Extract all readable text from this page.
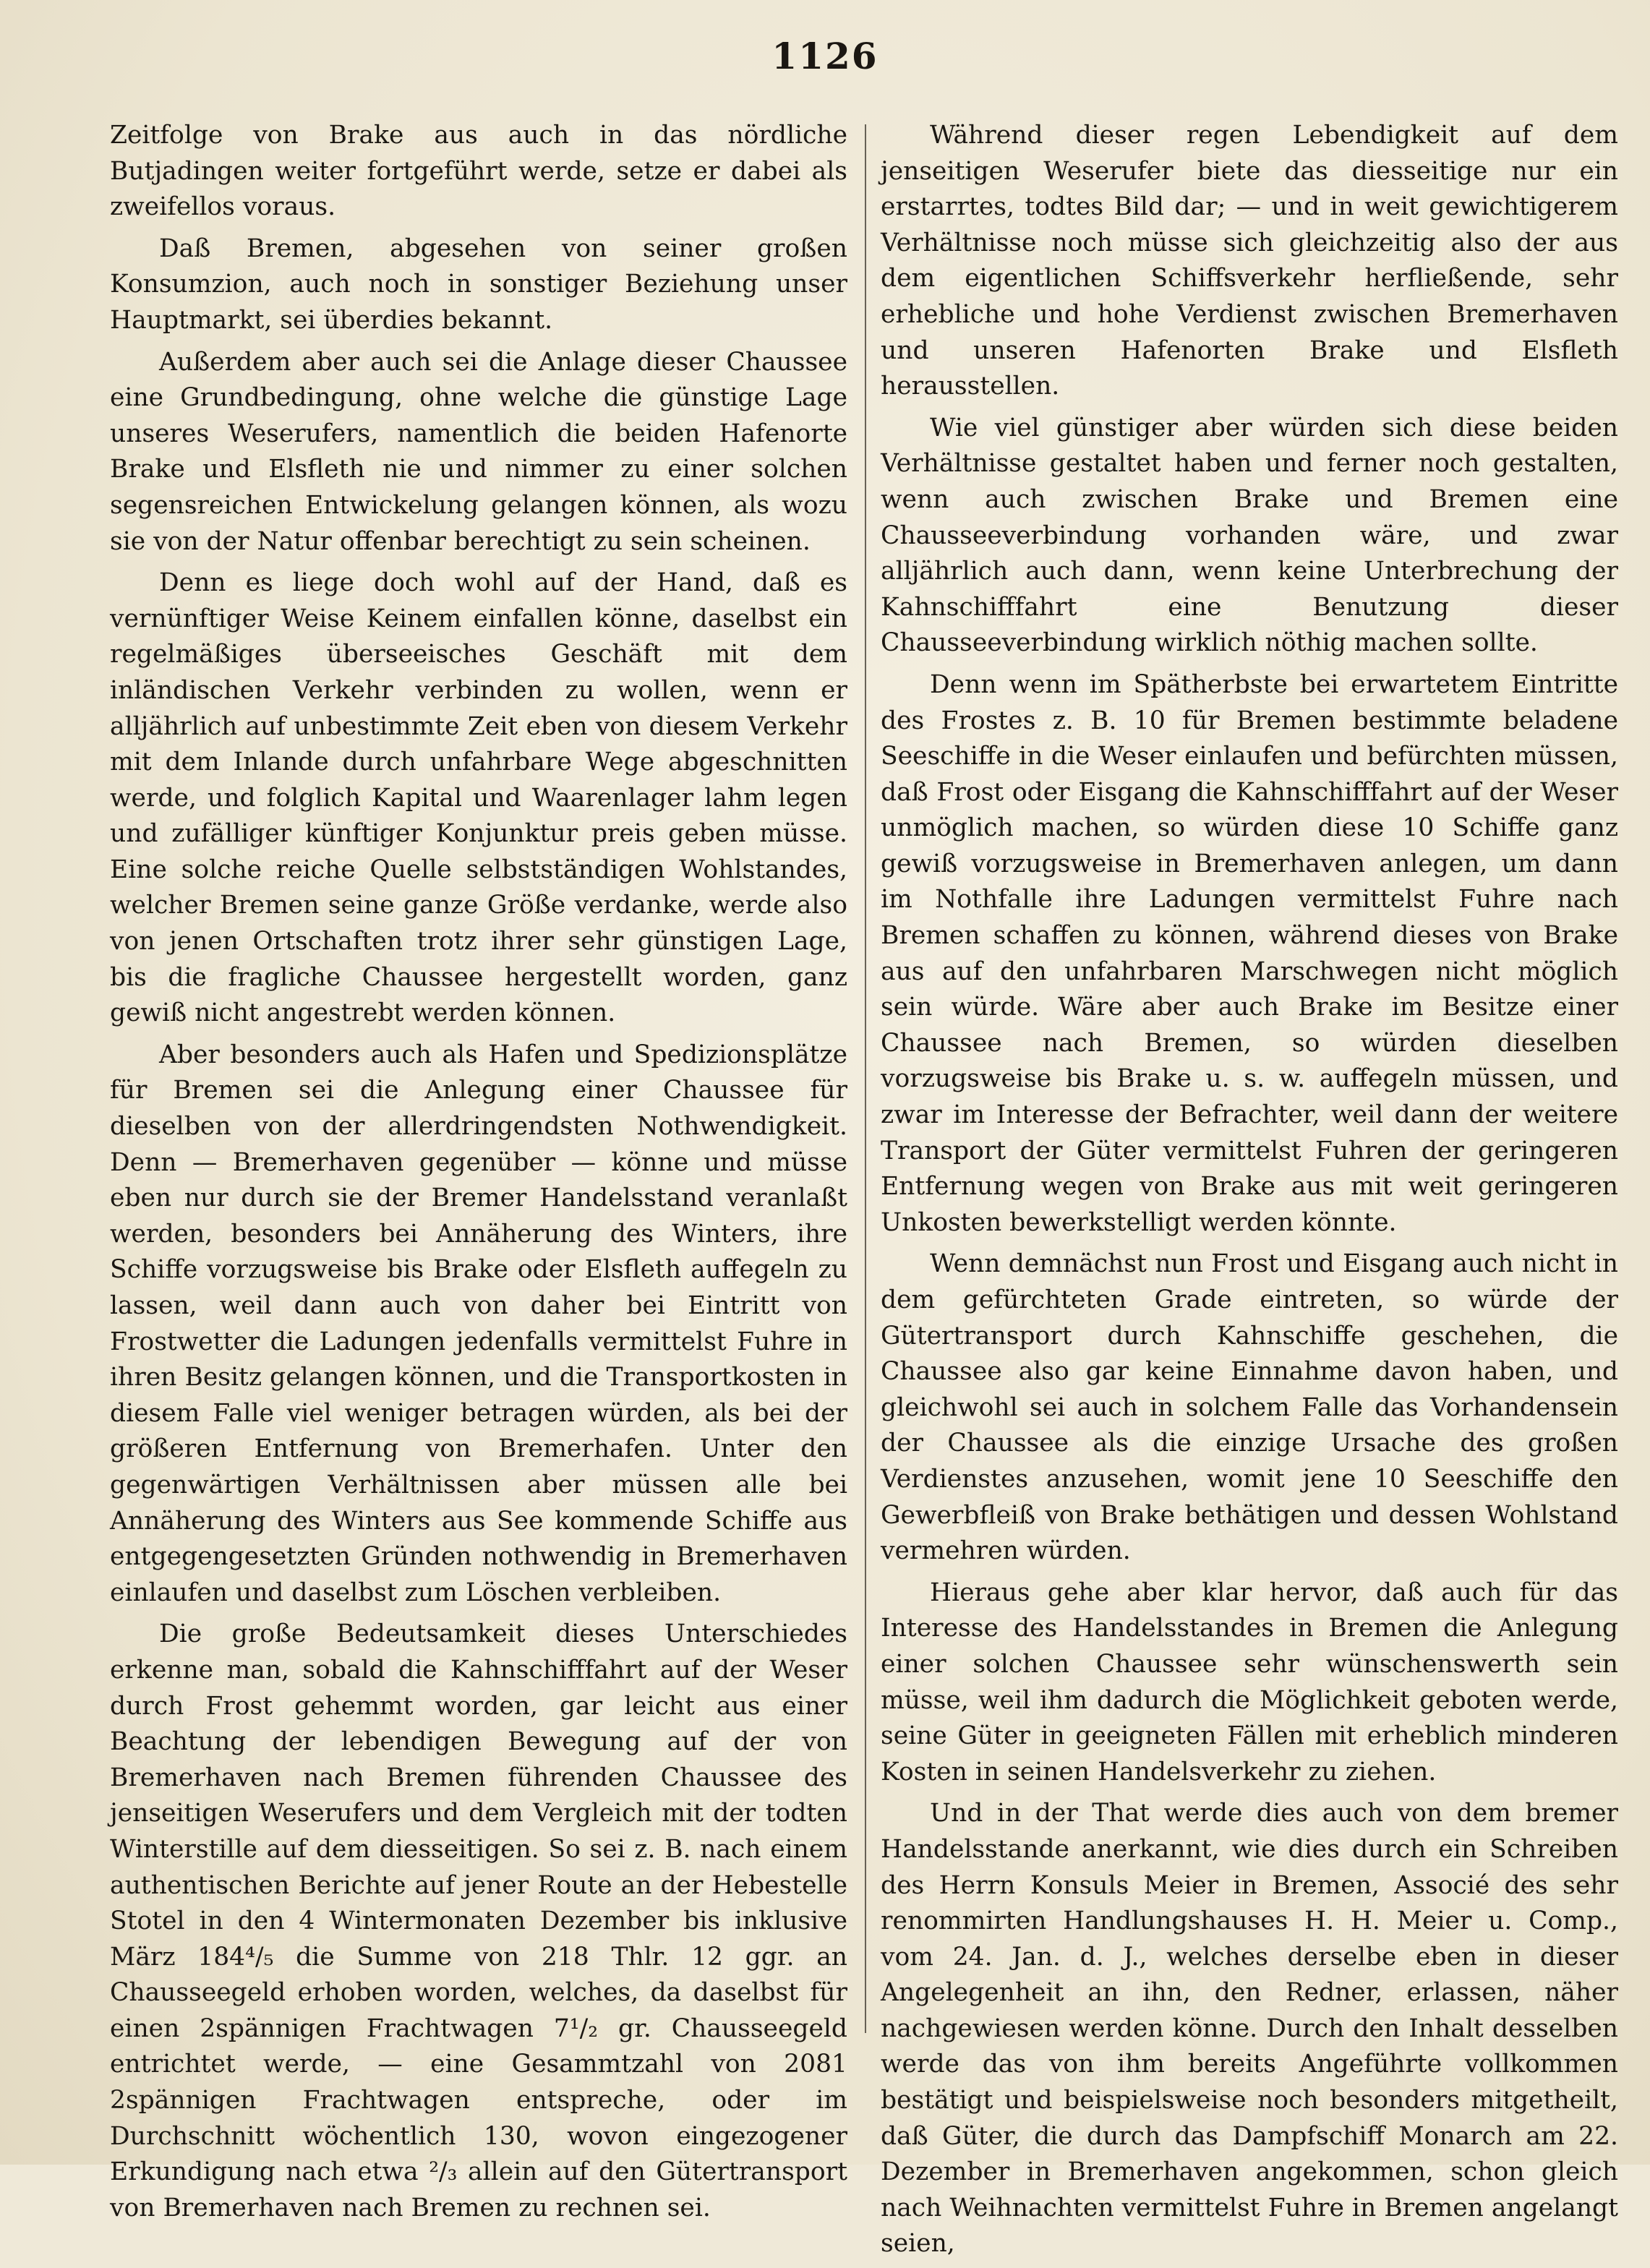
1126

Zeitfolge von Brake aus auch in das nördliche Butjadingen weiter fortgeführt werde, setze er dabei als zweifellos voraus.

Daß Bremen, abgesehen von seiner großen Konsumzion, auch noch in sonstiger Beziehung unser Hauptmarkt, sei überdies bekannt.

Außerdem aber auch sei die Anlage dieser Chaussee eine Grundbedingung, ohne welche die günstige Lage unseres Weserufers, namentlich die beiden Hafenorte Brake und Elsfleth nie und nimmer zu einer solchen segensreichen Entwickelung gelangen können, als wozu sie von der Natur offenbar berechtigt zu sein scheinen.

Denn es liege doch wohl auf der Hand, daß es vernünftiger Weise Keinem einfallen könne, daselbst ein regelmäßiges überseeisches Geschäft mit dem inländischen Verkehr verbinden zu wollen, wenn er alljährlich auf unbestimmte Zeit eben von diesem Verkehr mit dem Inlande durch unfahrbare Wege abgeschnitten werde, und folglich Kapital und Waarenlager lahm legen und zufälliger künftiger Konjunktur preis geben müsse. Eine solche reiche Quelle selbstständigen Wohlstandes, welcher Bremen seine ganze Größe verdanke, werde also von jenen Ortschaften trotz ihrer sehr günstigen Lage, bis die fragliche Chaussee hergestellt worden, ganz gewiß nicht angestrebt werden können.

Aber besonders auch als Hafen und Spedizionsplätze für Bremen sei die Anlegung einer Chaussee für dieselben von der allerdringendsten Nothwendigkeit. Denn — Bremerhaven gegenüber — könne und müsse eben nur durch sie der Bremer Handelsstand veranlaßt werden, besonders bei Annäherung des Winters, ihre Schiffe vorzugsweise bis Brake oder Elsfleth auffegeln zu lassen, weil dann auch von daher bei Eintritt von Frostwetter die Ladungen jedenfalls vermittelst Fuhre in ihren Besitz gelangen können, und die Transportkosten in diesem Falle viel weniger betragen würden, als bei der größeren Entfernung von Bremerhafen. Unter den gegenwärtigen Verhältnissen aber müssen alle bei Annäherung des Winters aus See kommende Schiffe aus entgegengesetzten Gründen nothwendig in Bremerhaven einlaufen und daselbst zum Löschen verbleiben.

Die große Bedeutsamkeit dieses Unterschiedes erkenne man, sobald die Kahnschifffahrt auf der Weser durch Frost gehemmt worden, gar leicht aus einer Beachtung der lebendigen Bewegung auf der von Bremerhaven nach Bremen führenden Chaussee des jenseitigen Weserufers und dem Vergleich mit der todten Winterstille auf dem diesseitigen. So sei z. B. nach einem authentischen Berichte auf jener Route an der Hebestelle Stotel in den 4 Wintermonaten Dezember bis inklusive März 184⁴/₅ die Summe von 218 Thlr. 12 ggr. an Chausseegeld erhoben worden, welches, da daselbst für einen 2spännigen Frachtwagen 7¹/₂ gr. Chausseegeld entrichtet werde, — eine Gesammtzahl von 2081 2spännigen Frachtwagen entspreche, oder im Durchschnitt wöchentlich 130, wovon eingezogener Erkundigung nach etwa ²/₃ allein auf den Gütertransport von Bremerhaven nach Bremen zu rechnen sei.

Während dieser regen Lebendigkeit auf dem jenseitigen Weserufer biete das diesseitige nur ein erstarrtes, todtes Bild dar; — und in weit gewichtigerem Verhältnisse noch müsse sich gleichzeitig also der aus dem eigentlichen Schiffsverkehr herfließende, sehr erhebliche und hohe Verdienst zwischen Bremerhaven und unseren Hafenorten Brake und Elsfleth herausstellen.

Wie viel günstiger aber würden sich diese beiden Verhältnisse gestaltet haben und ferner noch gestalten, wenn auch zwischen Brake und Bremen eine Chausseeverbindung vorhanden wäre, und zwar alljährlich auch dann, wenn keine Unterbrechung der Kahnschifffahrt eine Benutzung dieser Chausseeverbindung wirklich nöthig machen sollte.

Denn wenn im Spätherbste bei erwartetem Eintritte des Frostes z. B. 10 für Bremen bestimmte beladene Seeschiffe in die Weser einlaufen und befürchten müssen, daß Frost oder Eisgang die Kahnschifffahrt auf der Weser unmöglich machen, so würden diese 10 Schiffe ganz gewiß vorzugsweise in Bremerhaven anlegen, um dann im Nothfalle ihre Ladungen vermittelst Fuhre nach Bremen schaffen zu können, während dieses von Brake aus auf den unfahrbaren Marschwegen nicht möglich sein würde. Wäre aber auch Brake im Besitze einer Chaussee nach Bremen, so würden dieselben vorzugsweise bis Brake u. s. w. auffegeln müssen, und zwar im Interesse der Befrachter, weil dann der weitere Transport der Güter vermittelst Fuhren der geringeren Entfernung wegen von Brake aus mit weit geringeren Unkosten bewerkstelligt werden könnte.

Wenn demnächst nun Frost und Eisgang auch nicht in dem gefürchteten Grade eintreten, so würde der Gütertransport durch Kahnschiffe geschehen, die Chaussee also gar keine Einnahme davon haben, und gleichwohl sei auch in solchem Falle das Vorhandensein der Chaussee als die einzige Ursache des großen Verdienstes anzusehen, womit jene 10 Seeschiffe den Gewerbfleiß von Brake bethätigen und dessen Wohlstand vermehren würden.

Hieraus gehe aber klar hervor, daß auch für das Interesse des Handelsstandes in Bremen die Anlegung einer solchen Chaussee sehr wünschenswerth sein müsse, weil ihm dadurch die Möglichkeit geboten werde, seine Güter in geeigneten Fällen mit erheblich minderen Kosten in seinen Handelsverkehr zu ziehen.

Und in der That werde dies auch von dem bremer Handelsstande anerkannt, wie dies durch ein Schreiben des Herrn Konsuls Meier in Bremen, Associé des sehr renommirten Handlungshauses H. H. Meier u. Comp., vom 24. Jan. d. J., welches derselbe eben in dieser Angelegenheit an ihn, den Redner, erlassen, näher nachgewiesen werden könne. Durch den Inhalt desselben werde das von ihm bereits Angeführte vollkommen bestätigt und beispielsweise noch besonders mitgetheilt, daß Güter, die durch das Dampfschiff Monarch am 22. Dezember in Bremerhaven angekommen, schon gleich nach Weihnachten vermittelst Fuhre in Bremen angelangt seien,
